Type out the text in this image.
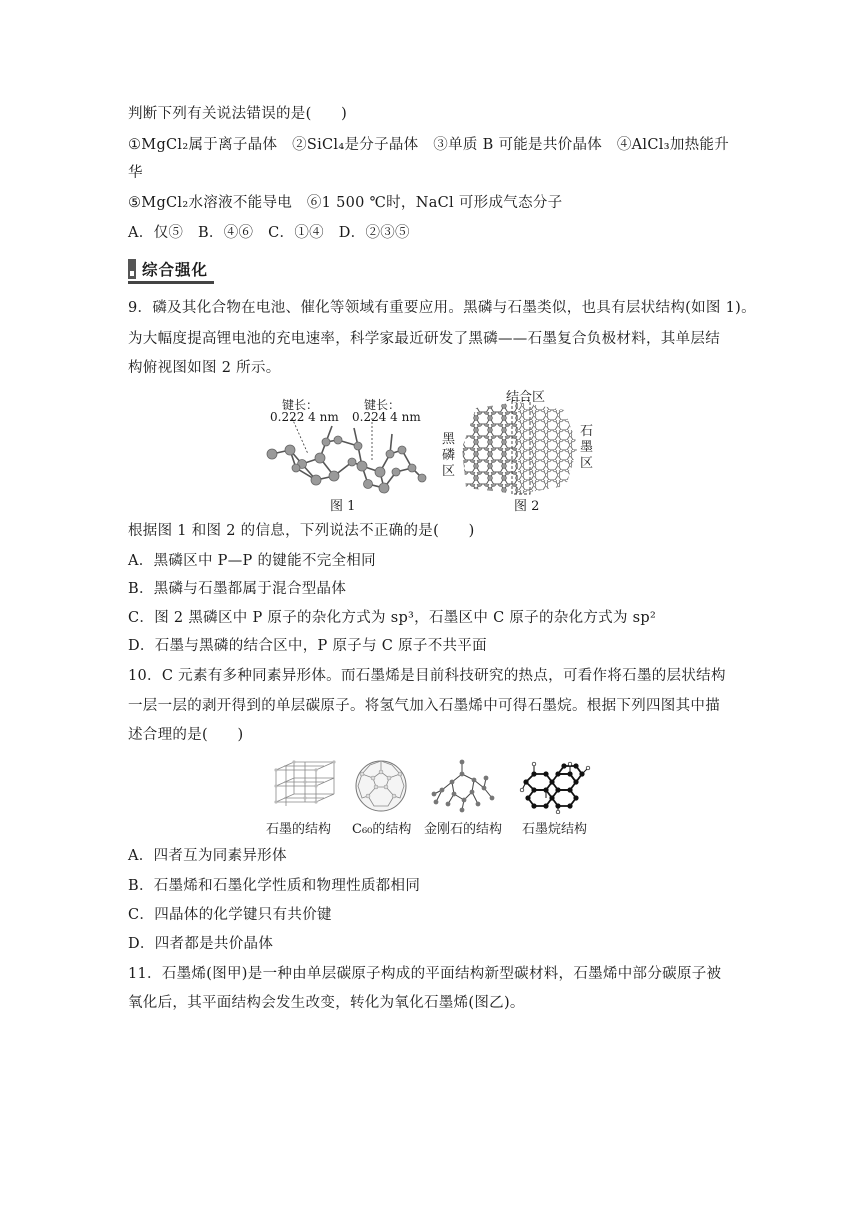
判断下列有关说法错误的是(　　)
①MgCl₂属于离子晶体　②SiCl₄是分子晶体　③单质 B 可能是共价晶体　④AlCl₃加热能升
华
⑤MgCl₂水溶液不能导电　⑥1 500 ℃时，NaCl 可形成气态分子
A．仅⑤　B．④⑥　C．①④　D．②③⑤
综合强化
9．磷及其化合物在电池、催化等领域有重要应用。黑磷与石墨类似，也具有层状结构(如图 1)。
为大幅度提高锂电池的充电速率，科学家最近研发了黑磷——石墨复合负极材料，其单层结
构俯视图如图 2 所示。
键长：
0.222 4 nm
键长：
0.224 4 nm
图 1
结合区
黑
磷
区
石
墨
区
图 2
根据图 1 和图 2 的信息，下列说法不正确的是(　　)
A．黑磷区中 P—P 的键能不完全相同
B．黑磷与石墨都属于混合型晶体
C．图 2 黑磷区中 P 原子的杂化方式为 sp³，石墨区中 C 原子的杂化方式为 sp²
D．石墨与黑磷的结合区中，P 原子与 C 原子不共平面
10．C 元素有多种同素异形体。而石墨烯是目前科技研究的热点，可看作将石墨的层状结构
一层一层的剥开得到的单层碳原子。将氢气加入石墨烯中可得石墨烷。根据下列四图其中描
述合理的是(　　)
石墨的结构 C₆₀的结构 金刚石的结构 石墨烷结构
A．四者互为同素异形体
B．石墨烯和石墨化学性质和物理性质都相同
C．四晶体的化学键只有共价键
D．四者都是共价晶体
11．石墨烯(图甲)是一种由单层碳原子构成的平面结构新型碳材料，石墨烯中部分碳原子被
氧化后，其平面结构会发生改变，转化为氧化石墨烯(图乙)。
